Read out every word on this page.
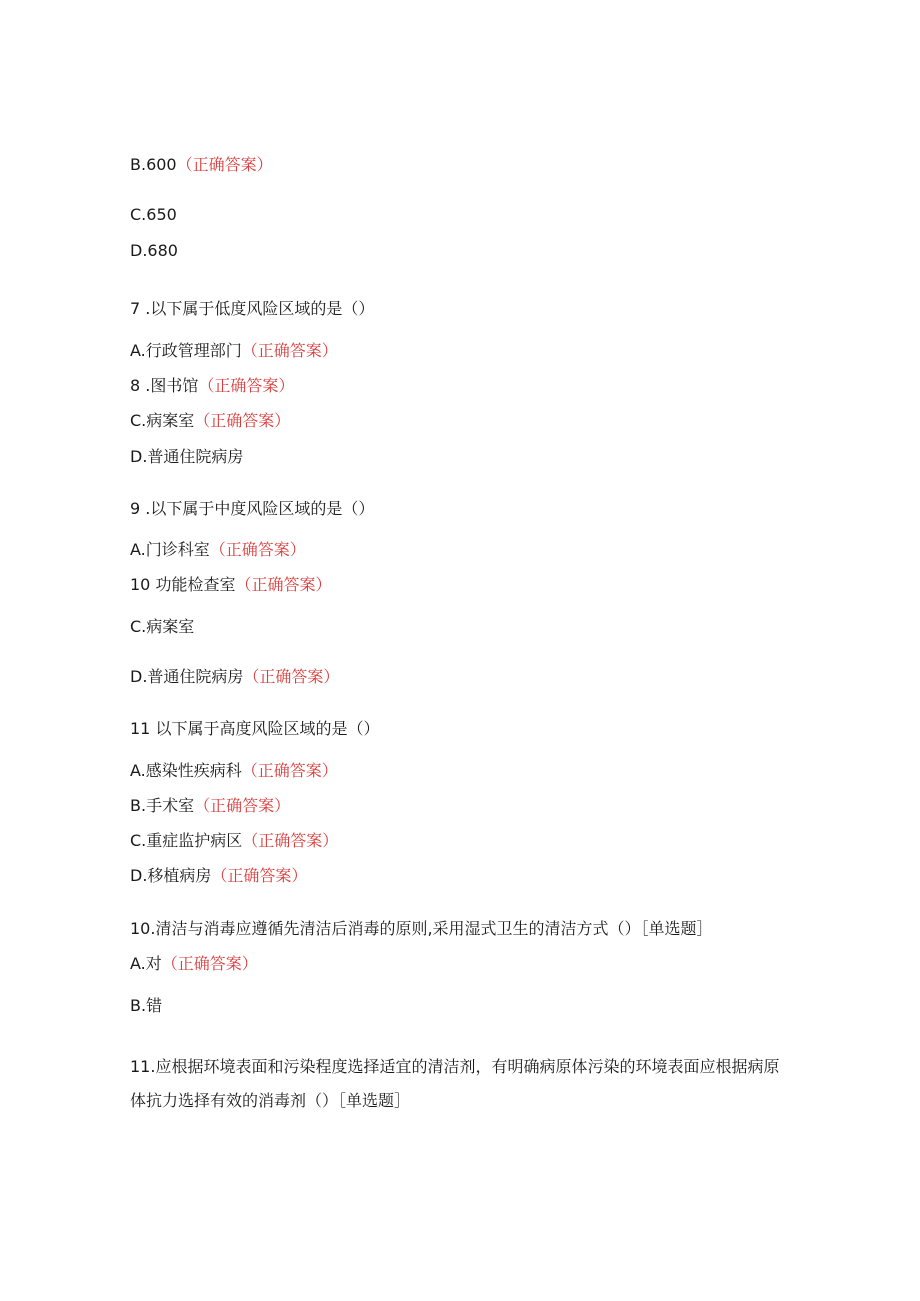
B.600（正确答案）
C.650
D.680
7 .以下属于低度风险区域的是（）
A.行政管理部门（正确答案）
8 .图书馆（正确答案）
C.病案室（正确答案）
D.普通住院病房
9 .以下属于中度风险区域的是（）
A.门诊科室（正确答案）
10 功能检查室（正确答案）
C.病案室
D.普通住院病房（正确答案）
11 以下属于高度风险区域的是（）
A.感染性疾病科（正确答案）
B.手术室（正确答案）
C.重症监护病区（正确答案）
D.移植病房（正确答案）
10.清洁与消毒应遵循先清洁后消毒的原则,采用湿式卫生的清洁方式（）［单选题］
A.对（正确答案）
B.错
11.应根据环境表面和污染程度选择适宜的清洁剂，有明确病原体污染的环境表面应根据病原体抗力选择有效的消毒剂（）［单选题］
